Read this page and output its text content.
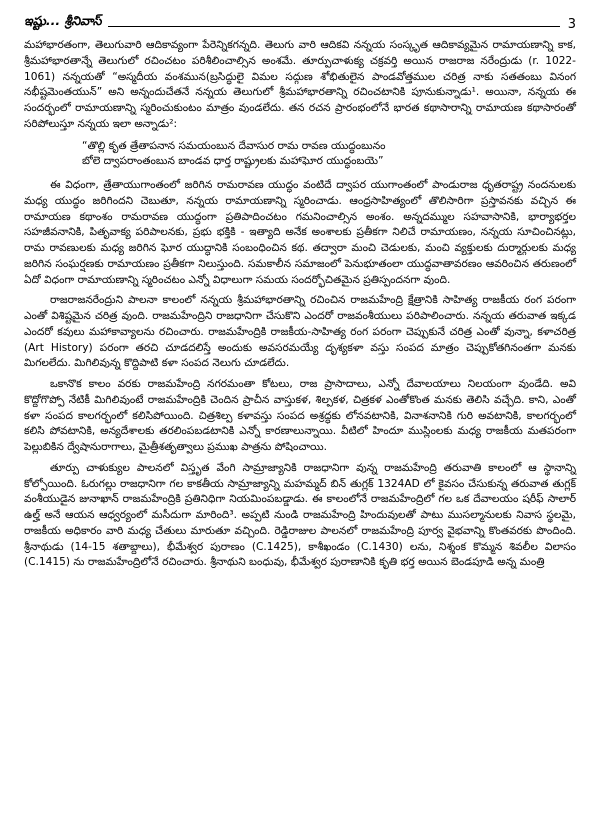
ఇష్టు... శ్రీనివాస్	3

మహాభారతంగా, తెలుగువారి ఆదికావ్యంగా పేరెన్నికగన్నది. తెలుగు వారి ఆదికవి నన్నయ సంస్కృత ఆదికావ్యమైన రామాయణాన్ని కాక, శ్రీమహాభారతాన్నే తెలుగులో రచించటం పరిశీలించాల్సిన అంశమే. తూర్పుచాళుక్య చక్రవర్తి అయిన రాజరాజ నరేంద్రుడు (r. 1022-1061) నన్నయతో “అస్మదీయ వంశమున(బ్రసిద్ధులై విమల సద్గుణ శోభితులైన పాండవోత్తముల చరిత్ర నాకు సతతంబు వినంగ నభీష్టమెంతయున్” అని అన్నందుచేతనే నన్నయ తెలుగులో శ్రీమహాభారతాన్ని రచించటానికి పూనుకున్నాడు¹. అయినా, నన్నయ ఈ సందర్భంలో రామాయణాన్ని స్మరించుకుంటం మాత్రం వుండలేదు. తన రచన ప్రారంభంలోనే భారత కథాసారాన్ని రామాయణ కథాసారంతో సరిపోలుస్తూ నన్నయ ఇలా అన్నాడు²:

“తొల్లి కృత త్రేతాపనాన సమయంబున దేవాసుర రామ రావణ యుద్ధంబునం
బోలె ద్వాపరాంతంబున బాండవ ధార్త రాష్ట్రులకు మహాఘోర యుద్ధంబయె”

ఈ విధంగా, త్రేతాయుగాంతంలో జరిగిన రామరావణ యుద్ధం వంటిదే ద్వాపర యుగాంతంలో పాండురాజ ధృతరాష్ట్ర నందనులకు మధ్య యుద్ధం జరిగిందని చెబుతూ, నన్నయ రామాయణాన్ని స్మరించాడు. ఆంధ్రసాహిత్యంలో తొలిసారిగా ప్రస్తావనకు వచ్చిన ఈ రామాయణ కథాంశం రామరావణ యుద్ధంగా ప్రతిపాదించటం గమనించాల్సిన అంశం. అన్నదమ్ముల సహవాసానికి, భార్యాభర్తల సహజీవనానికి, పితృవాక్య పరిపాలనకు, ప్రభు భక్తికి - ఇత్యాది అనేక అంశాలకు ప్రతీకగా నిలిచే రామాయణం, నన్నయ సూచించినట్లు, రామ రావణులకు మధ్య జరిగిన ఘోర యుద్ధానికి సంబంధించిన కథ. తద్వారా మంచి చెడులకు, మంచి వ్యక్తులకు దుర్మార్గులకు మధ్య జరిగిన సంఘర్షణకు రామాయణం ప్రతీకగా నిలుస్తుంది. సమకాలీన సమాజంలో పెనుభూతంలా యుద్ధవాతావరణం ఆవరించిన తరుణంలో ఏదో విధంగా రామాయణాన్ని స్మరించటం ఎన్నో విధాలుగా సమయ సందర్భోచితమైన ప్రతిస్పందనగా వుంది.

రాజరాజనరేంద్రుని పాలనా కాలంలో నన్నయ శ్రీమహాభారతాన్ని రచించిన రాజమహేంద్రి క్షేత్రానికి సాహిత్య రాజకీయ రంగ పరంగా ఎంతో విశిష్టమైన చరిత్ర వుంది. రాజమహేంద్రిని రాజధానిగా చేసుకొని ఎందరో రాజవంశీయులు పరిపాలించారు. నన్నయ తరువాత ఇక్కడ ఎందరో కవులు మహాకావ్యాలను రచించారు. రాజమహేంద్రికి రాజకీయ-సాహిత్య రంగ పరంగా చెప్పుకునే చరిత్ర ఎంతో వున్నా, కళాచరిత్ర (Art History) పరంగా తరచి చూడదలిస్తే అందుకు అవసరమయ్యే దృశ్యకళా వస్తు సంపద మాత్రం చెప్పుకోతగినంతగా మనకు మిగలలేదు. మిగిలివున్న కొద్దిపాటి కళా సంపద నెలుగు చూడలేదు.

ఒకానొక కాలం వరకు రాజమహేంద్రి నగరమంతా కోటలు, రాజ ప్రాసాదాలు, ఎన్నో దేవాలయాలు నిలయంగా వుండేది. అవి కొద్దోగొప్పో నేటికీ మిగిలివుంటే రాజమహేంద్రికి చెందిన ప్రాచీన వాస్తుకళ, శిల్పకళ, చిత్రకళ ఎంతోకొంత మనకు తెలిసి వచ్చేది. కాని, ఎంతో కళా సంపద కాలగర్భంలో కలిసిపోయింది. చిత్రశిల్ప కళావస్తు సంపద అశ్రద్ధకు లోనవటానికి, వినాశనానికి గురి అవటానికి, కాలగర్భంలో కలిసి పోవటానికి, అన్యదేశాలకు తరలింపబడటానికి ఎన్నో కారణాలున్నాయి. వీటిలో హిందూ ముస్లింలకు మధ్య రాజకీయ మతపరంగా పెల్లుబికిన ద్వేషానురాగాలు, మైత్రీశతృత్వాలు ప్రముఖ పాత్రను పోషించాయి.

తూర్పు చాళుక్యుల పాలనలో విస్తృత వేంగి సామ్రాజ్యానికి రాజధానిగా వున్న రాజమహేంద్రి తరువాతి కాలంలో ఆ స్థానాన్ని కోల్పోయింది. ఓరుగల్లు రాజధానిగా గల కాకతీయ సామ్రాజ్యాన్ని మహమ్మద్ బిన్ తుగ్లక్ 1324AD లో కైవసం చేసుకున్న తరువాత తుగ్లక్ వంశీయుడైన జునాఖాన్ రాజమహేంద్రికి ప్రతినిధిగా నియమింపబడ్డాడు. ఈ కాలంలోనే రాజమహేంద్రిలో గల ఒక దేవాలయం షరీఫ్ సాలార్ ఉల్హ్ అనే ఆయన ఆధ్వర్యంలో మసీదుగా మారింది³. అప్పటి నుండి రాజమహేంద్రి హిందువులతో పాటు ముసల్మానులకు నివాస స్థలమై, రాజకీయ అధికారం వారి మధ్య చేతులు మారుతూ వచ్చింది. రెడ్డిరాజుల పాలనలో రాజమహేంద్రి పూర్వ వైభవాన్ని కొంతవరకు పొందింది. శ్రీనాథుడు (14-15 శతాబ్దాలు), భీమేశ్వర పురాణం (C.1425), కాశీఖండం (C.1430) లను, నిశ్శంక కొమ్మన శివలీల విలాసం (C.1415) ను రాజమహేంద్రిలోనే రచించారు. శ్రీనాథుని బంధువు, భీమేశ్వర పురాణానికి కృతి భర్త అయిన బెండపూడి అన్న మంత్రి
